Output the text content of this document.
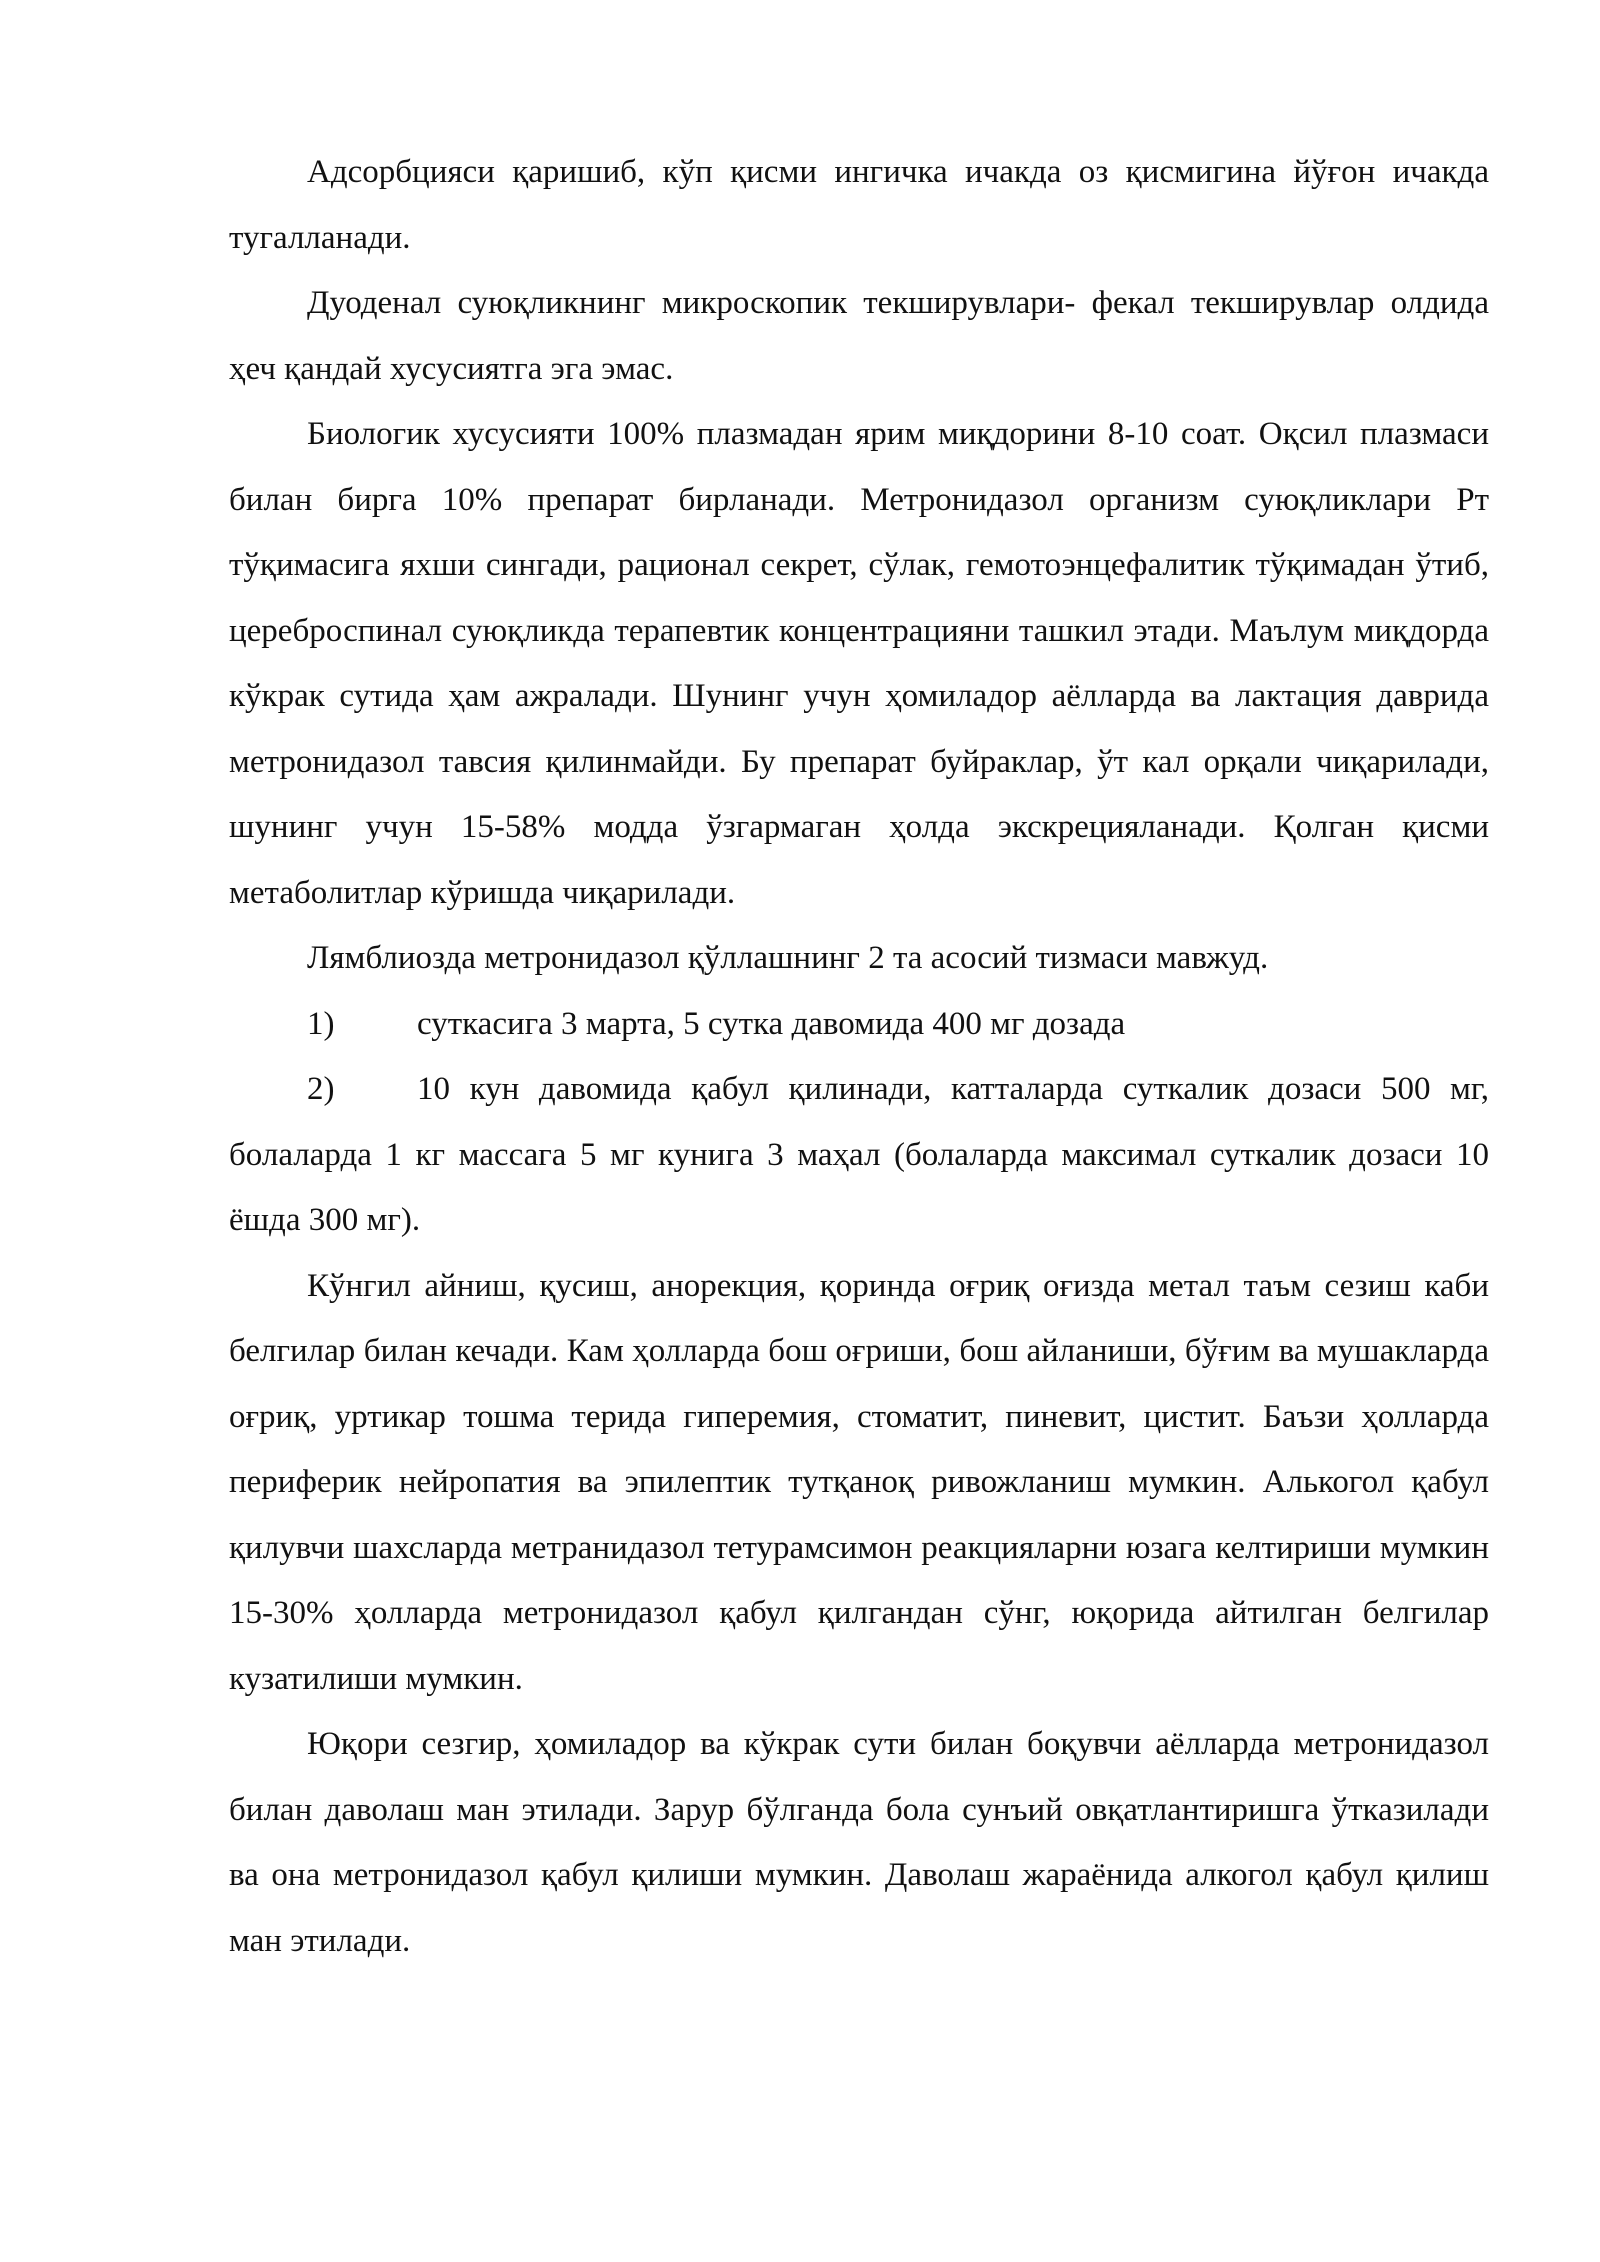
Адсорбцияси қаришиб, кўп қисми ингичка ичакда оз қисмигина йўғон ичакда тугалланади.

Дуоденал суюқликнинг микроскопик текширувлари- фекал текширувлар олдида ҳеч қандай хусусиятга эга эмас.

Биологик хусусияти 100% плазмадан ярим миқдорини 8-10 соат. Оқсил плазмаси билан бирга 10% препарат бирланади. Метронидазол организм суюқликлари Рт тўқимасига яхши сингади, рационал секрет, сўлак, гемотоэнцефалитик тўқимадан ўтиб, цереброспинал суюқликда терапевтик концентрацияни ташкил этади. Маълум миқдорда кўкрак сутида ҳам ажралади. Шунинг учун ҳомиладор аёлларда ва лактация даврида метронидазол тавсия қилинмайди. Бу препарат буйраклар, ўт кал орқали чиқарилади, шунинг учун 15-58% модда ўзгармаган ҳолда экскрецияланади. Қолган қисми метаболитлар кўришда чиқарилади.

Лямблиозда метронидазол қўллашнинг 2 та асосий тизмаси мавжуд.

1)	суткасига 3 марта, 5 сутка давомида 400 мг дозада

2)	10 кун давомида қабул қилинади, катталарда суткалик дозаси 500 мг, болаларда 1 кг массага 5 мг кунига 3 маҳал (болаларда максимал суткалик дозаси 10 ёшда 300 мг).

Кўнгил айниш, қусиш, анорекция, қоринда оғриқ оғизда метал таъм сезиш каби белгилар билан кечади. Кам ҳолларда бош оғриши, бош айланиши, бўғим ва мушакларда оғриқ, уртикар тошма терида гиперемия, стоматит, пиневит, цистит. Баъзи ҳолларда периферик нейропатия ва эпилептик тутқаноқ ривожланиш мумкин. Алькогол қабул қилувчи шахсларда метранидазол тетурамсимон реакцияларни юзага келтириши мумкин 15-30% ҳолларда метронидазол қабул қилгандан сўнг, юқорида айтилган белгилар кузатилиши мумкин.

Юқори сезгир, ҳомиладор ва кўкрак сути билан боқувчи аёлларда метронидазол билан даволаш ман этилади. Зарур бўлганда бола сунъий овқатлантиришга ўтказилади ва она метронидазол қабул қилиши мумкин. Даволаш жараёнида алкогол қабул қилиш ман этилади.
